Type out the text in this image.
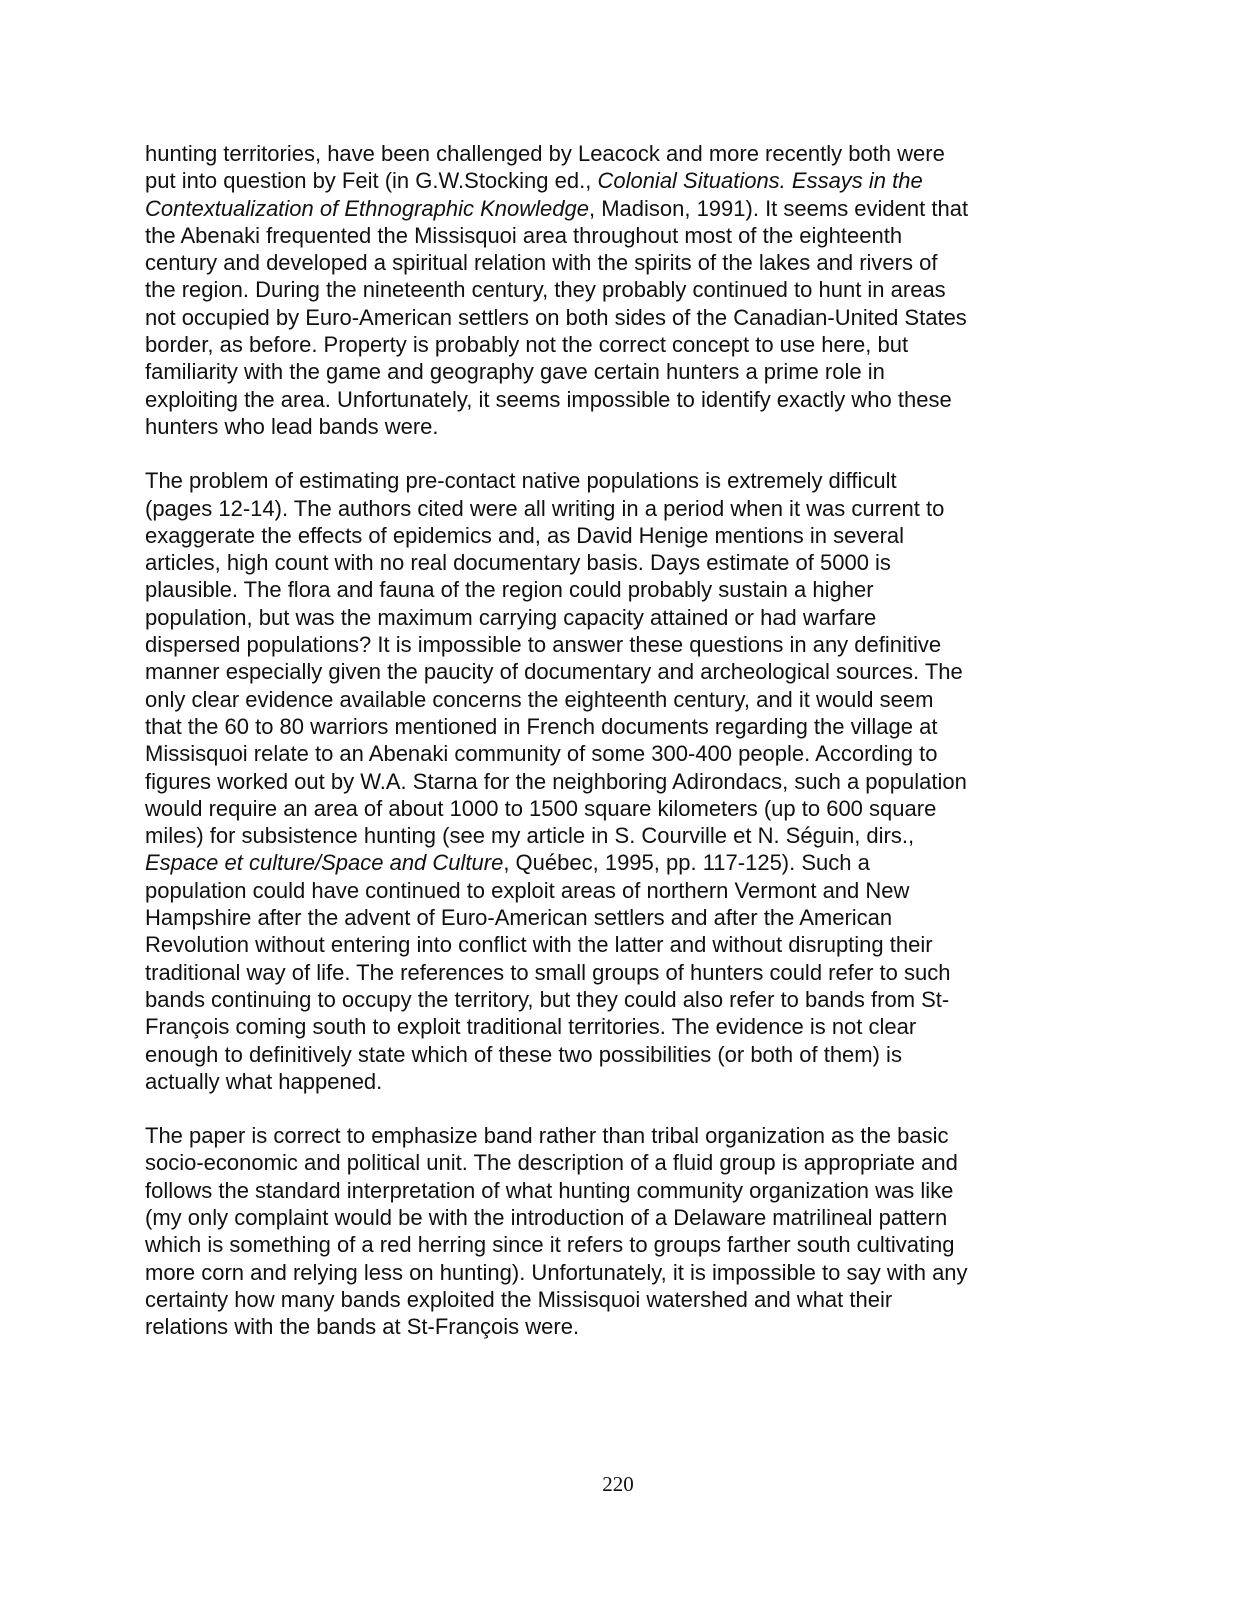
hunting territories, have been challenged by Leacock and more recently both were
put into question by Feit (in G.W.Stocking ed., Colonial Situations. Essays in the
Contextualization of Ethnographic Knowledge, Madison, 1991). It seems evident that
the Abenaki frequented the Missisquoi area throughout most of the eighteenth
century and developed a spiritual relation with the spirits of the lakes and rivers of
the region. During the nineteenth century, they probably continued to hunt in areas
not occupied by Euro-American settlers on both sides of the Canadian-United States
border, as before. Property is probably not the correct concept to use here, but
familiarity with the game and geography gave certain hunters a prime role in
exploiting the area. Unfortunately, it seems impossible to identify exactly who these
hunters who lead bands were.

The problem of estimating pre-contact native populations is extremely difficult
(pages 12-14). The authors cited were all writing in a period when it was current to
exaggerate the effects of epidemics and, as David Henige mentions in several
articles, high count with no real documentary basis. Days estimate of 5000 is
plausible. The flora and fauna of the region could probably sustain a higher
population, but was the maximum carrying capacity attained or had warfare
dispersed populations? It is impossible to answer these questions in any definitive
manner especially given the paucity of documentary and archeological sources. The
only clear evidence available concerns the eighteenth century, and it would seem
that the 60 to 80 warriors mentioned in French documents regarding the village at
Missisquoi relate to an Abenaki community of some 300-400 people. According to
figures worked out by W.A. Starna for the neighboring Adirondacs, such a population
would require an area of about 1000 to 1500 square kilometers (up to 600 square
miles) for subsistence hunting (see my article in S. Courville et N. Séguin, dirs.,
Espace et culture/Space and Culture, Québec, 1995, pp. 117-125). Such a
population could have continued to exploit areas of northern Vermont and New
Hampshire after the advent of Euro-American settlers and after the American
Revolution without entering into conflict with the latter and without disrupting their
traditional way of life. The references to small groups of hunters could refer to such
bands continuing to occupy the territory, but they could also refer to bands from St-
François coming south to exploit traditional territories. The evidence is not clear
enough to definitively state which of these two possibilities (or both of them) is
actually what happened.

The paper is correct to emphasize band rather than tribal organization as the basic
socio-economic and political unit. The description of a fluid group is appropriate and
follows the standard interpretation of what hunting community organization was like
(my only complaint would be with the introduction of a Delaware matrilineal pattern
which is something of a red herring since it refers to groups farther south cultivating
more corn and relying less on hunting). Unfortunately, it is impossible to say with any
certainty how many bands exploited the Missisquoi watershed and what their
relations with the bands at St-François were.

220
